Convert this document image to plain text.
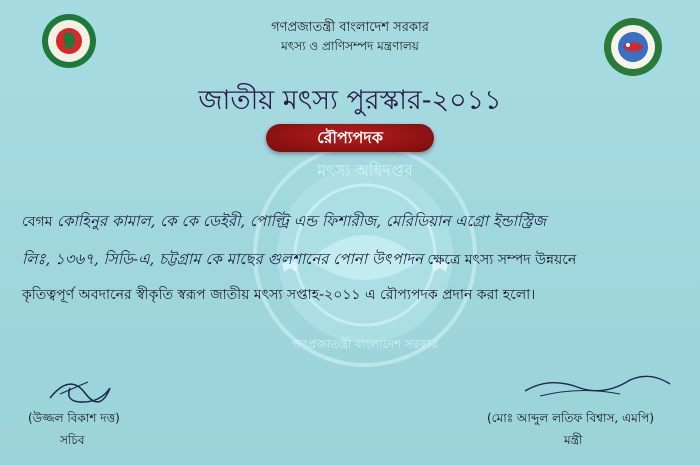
মৎস্য অধিদপ্তর
গণপ্রজাতন্ত্রী বাংলাদেশ সরকার
গণপ্রজাতন্ত্রী বাংলাদেশ সরকার
মৎস্য ও প্রাণিসম্পদ মন্ত্রণালয়
জাতীয় মৎস্য পুরস্কার-২০১১
রৌপ্যপদক
বেগম কোহিনুর কামাল, কে কে ডেইরী, পোল্ট্রি এন্ড ফিশারীজ, মেরিডিয়ান এগ্রো ইন্ডাস্ট্রিজ
লিঃ, ১৩৬৭, সিডি-এ, চট্টগ্রাম কে মাছের গুলশানের পোনা উৎপাদন ক্ষেত্রে মৎস্য সম্পদ উন্নয়নে
কৃতিত্বপূর্ণ অবদানের স্বীকৃতি স্বরূপ জাতীয় মৎস্য সপ্তাহ-২০১১ এ রৌপ্যপদক প্রদান করা হলো।
(উজ্জল বিকাশ দত্ত)
সচিব
(মোঃ আব্দুল লতিফ বিশ্বাস, এমপি)
মন্ত্রী
